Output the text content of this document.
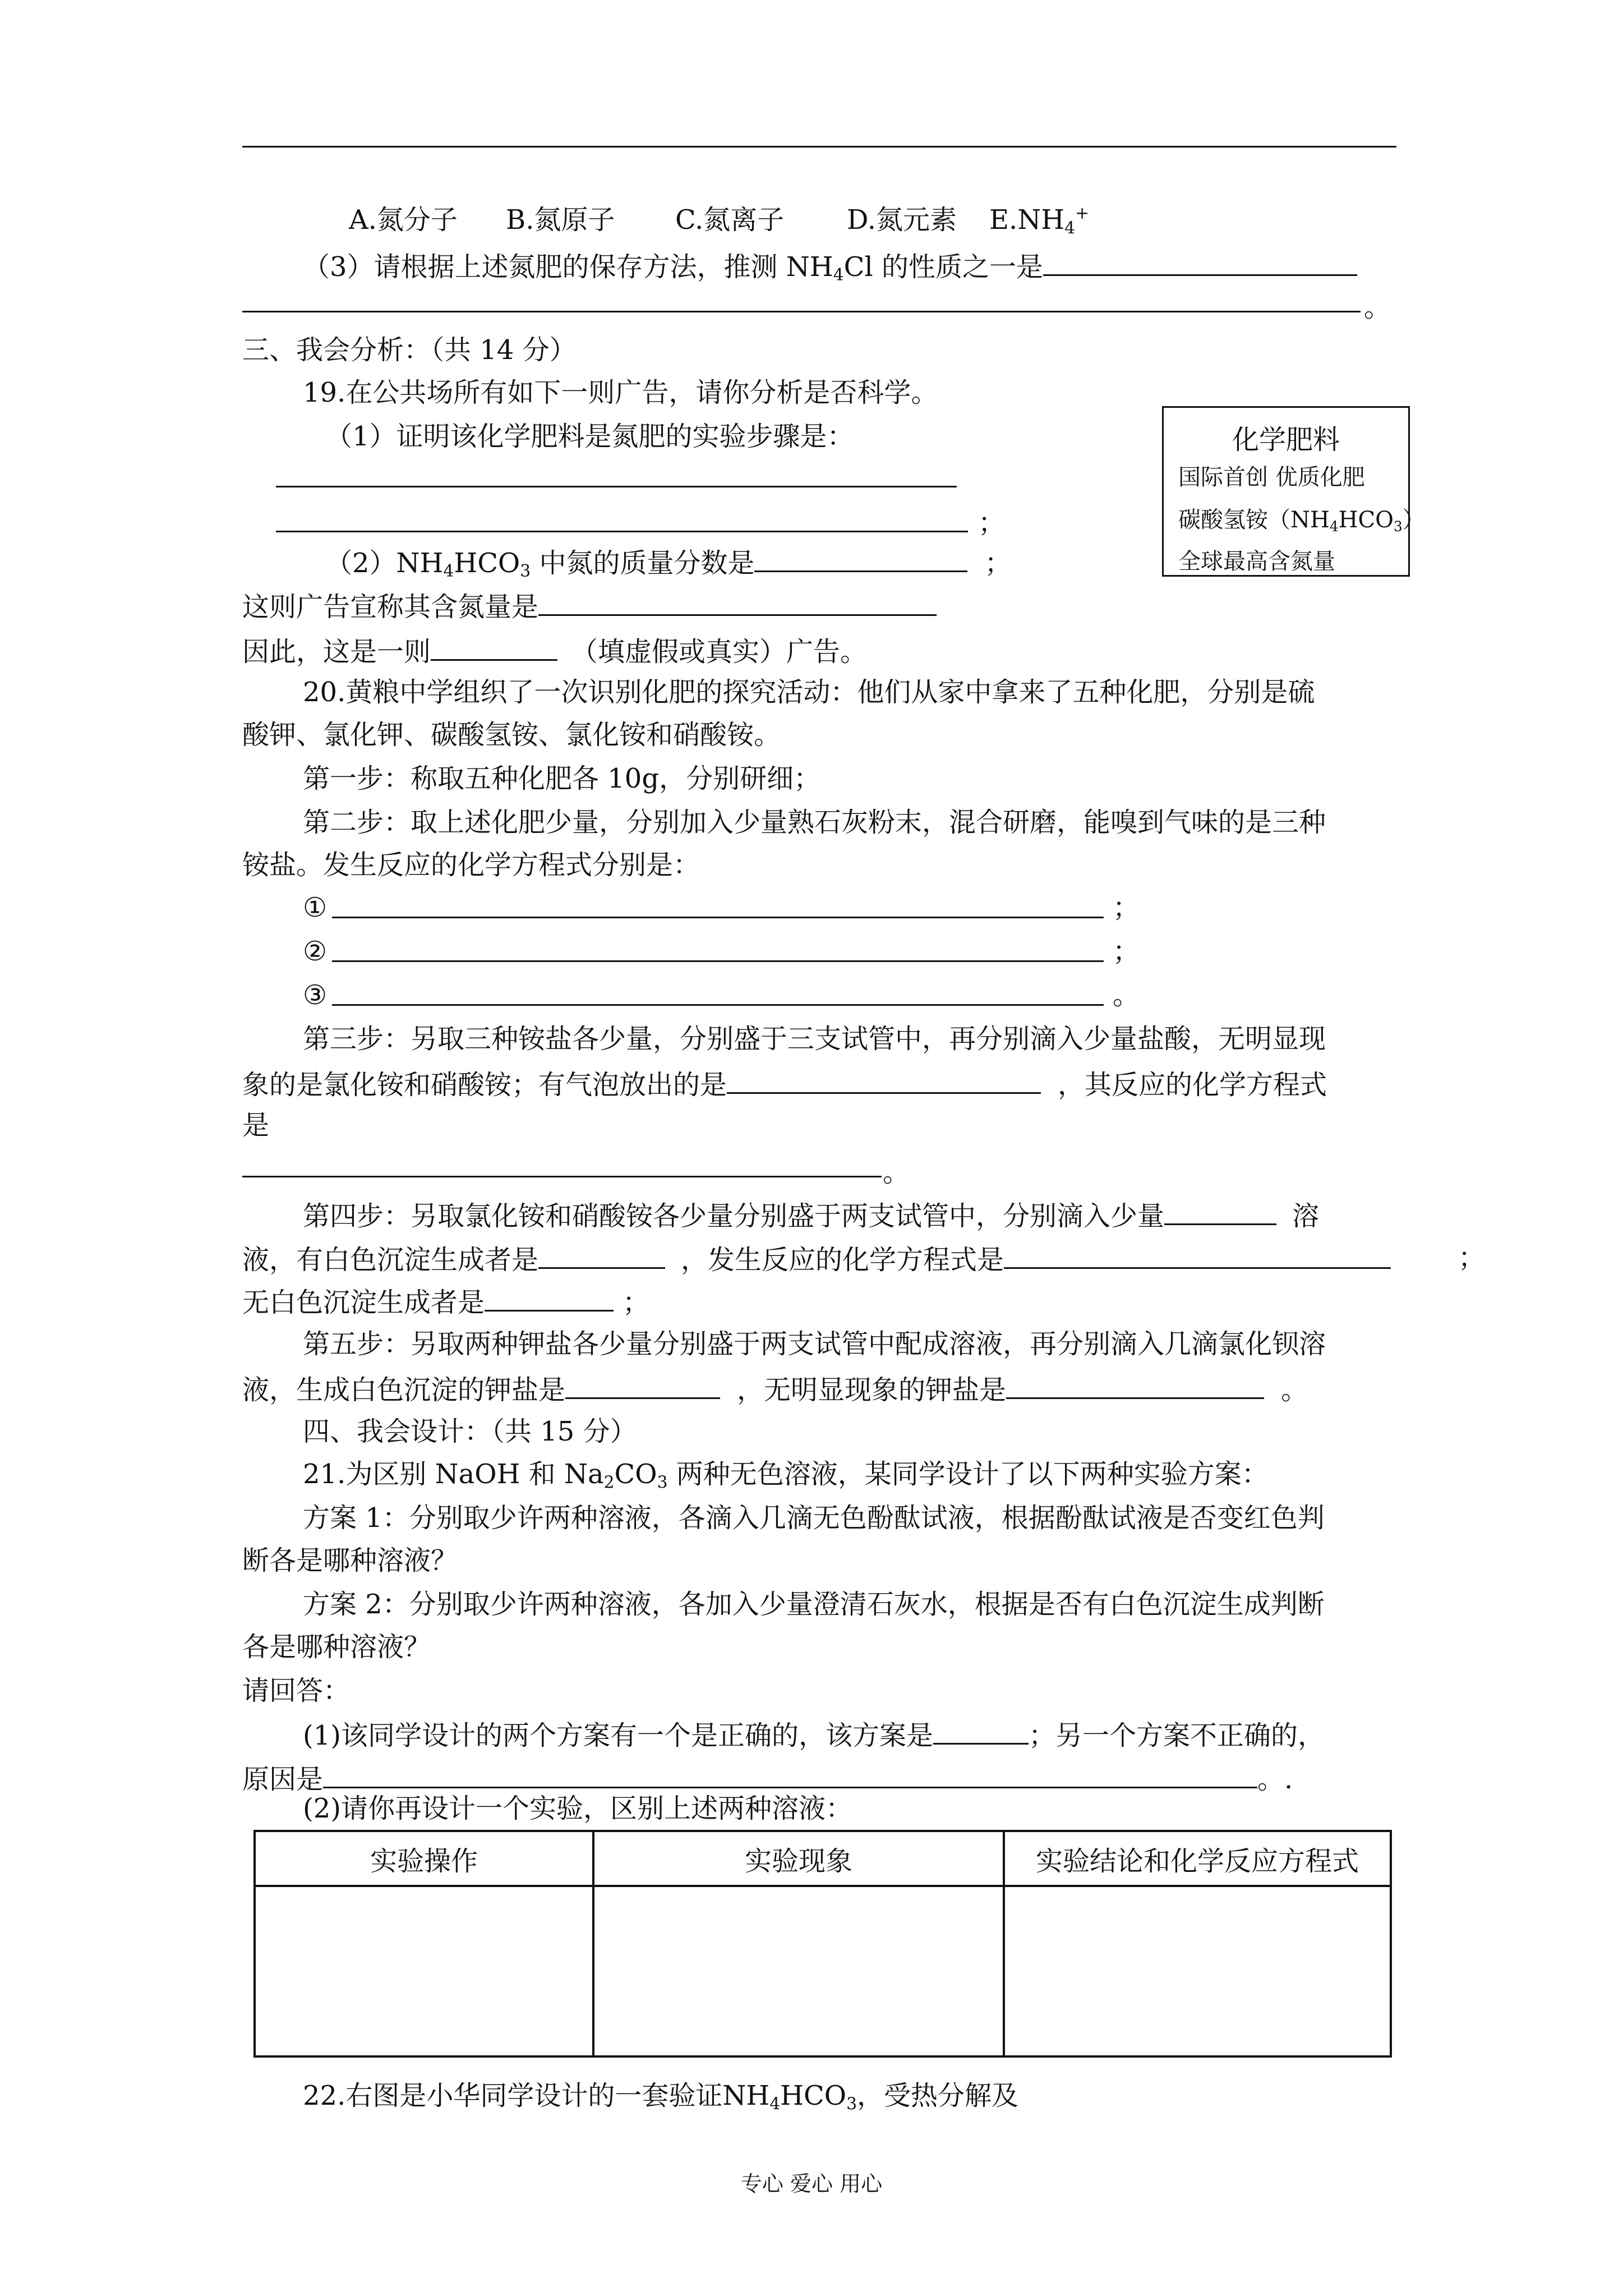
A.氮分子 B.氮原子 C.氮离子 D.氮元素 $E.NH_4^+$
（3）请根据上述氮肥的保存方法，推测 $NH_4Cl$ 的性质之一是
。
三、我会分析：（共 14 分）
19.在公共场所有如下一则广告，请你分析是否科学。
（1）证明该化学肥料是氮肥的实验步骤是：
；
$(2)NH_4HCO_3$ 中氮的质量分数是	；
这则广告宣称其含氮量是
因此，这是一则	（填虚假或真实）广告。
化学肥料
国际首创 优质化肥
碳酸氢铵$(NH_4HCO_3)$
全球最高含氮量
20.黄粮中学组织了一次识别化肥的探究活动：他们从家中拿来了五种化肥，分别是硫
酸钾、氯化钾、碳酸氢铵、氯化铵和硝酸铵。
第一步：称取五种化肥各 10g，分别研细；
第二步：取上述化肥少量，分别加入少量熟石灰粉末，混合研磨，能嗅到气味的是三种
铵盐。发生反应的化学方程式分别是：
①	；
②	；
③	。
第三步：另取三种铵盐各少量，分别盛于三支试管中，再分别滴入少量盐酸，无明显现
象的是氯化铵和硝酸铵；有气泡放出的是	，其反应的化学方程式
是
。
第四步：另取氯化铵和硝酸铵各少量分别盛于两支试管中，分别滴入少量	溶
液，有白色沉淀生成者是	，发生反应的化学方程式是	；
无白色沉淀生成者是	；
第五步：另取两种钾盐各少量分别盛于两支试管中配成溶液，再分别滴入几滴氯化钡溶
液，生成白色沉淀的钾盐是	，无明显现象的钾盐是	。
四、我会设计：（共 15 分）
21.为区别 NaOH 和 $Na_2CO_3$ 两种无色溶液，某同学设计了以下两种实验方案：
方案 1：分别取少许两种溶液，各滴入几滴无色酚酞试液，根据酚酞试液是否变红色判
断各是哪种溶液？
方案 2：分别取少许两种溶液，各加入少量澄清石灰水，根据是否有白色沉淀生成判断
各是哪种溶液？
请回答：
(1)该同学设计的两个方案有一个是正确的，该方案是	；另一个方案不正确的，
原因是	。.
(2)请你再设计一个实验，区别上述两种溶液：
实验操作	实验现象	实验结论和化学反应方程式

22.右图是小华同学设计的一套验证$NH_4HCO_3$，受热分解及
专心 爱心 用心
